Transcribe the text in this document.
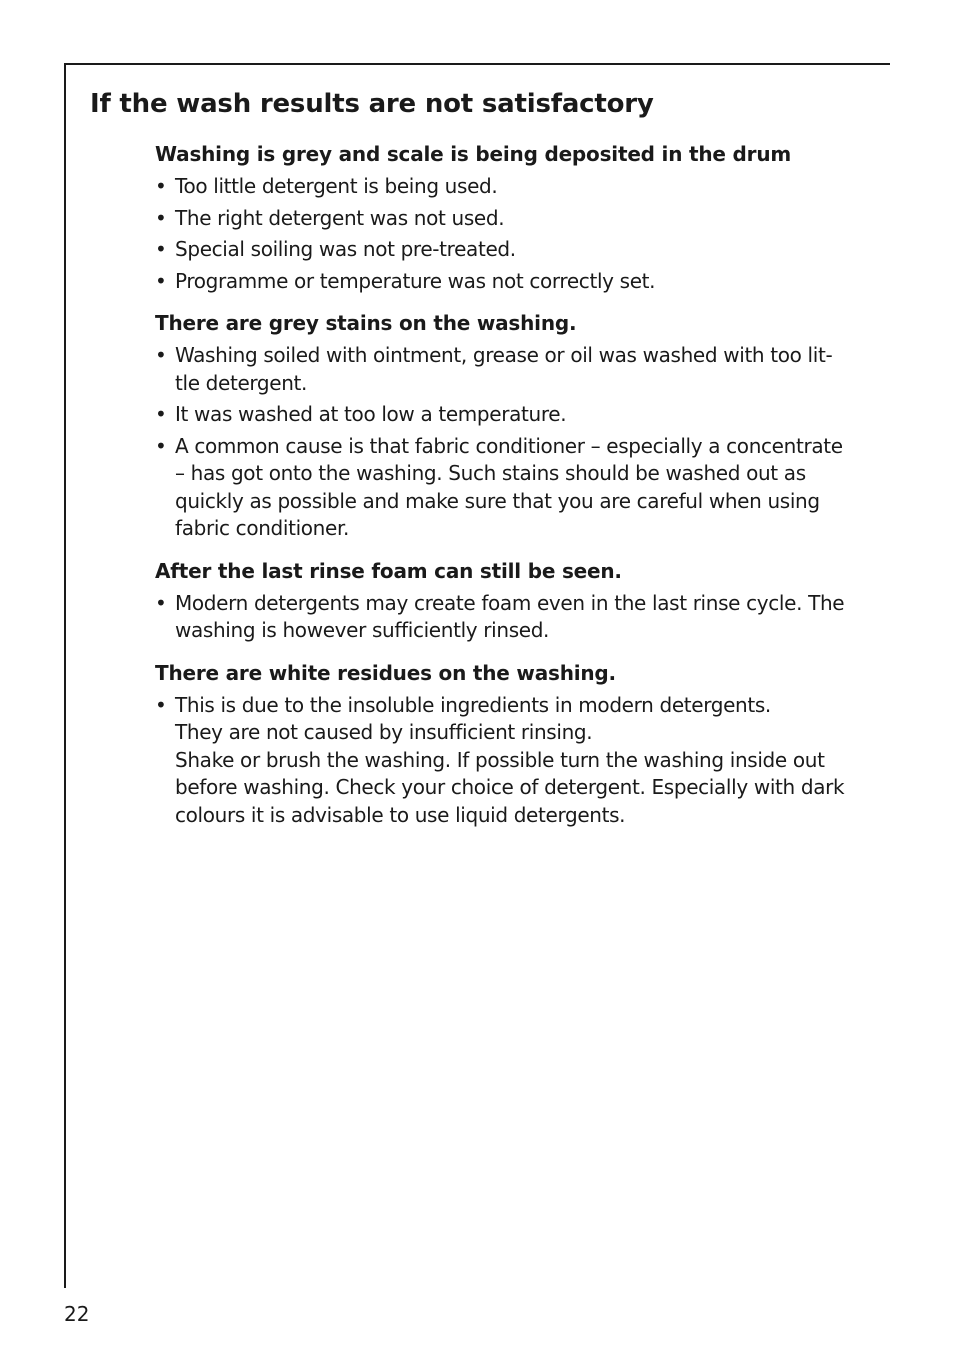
If the wash results are not satisfactory
Washing is grey and scale is being deposited in the drum
• Too little detergent is being used.
• The right detergent was not used.
• Special soiling was not pre-treated.
• Programme or temperature was not correctly set.
There are grey stains on the washing.
• Washing soiled with ointment, grease or oil was washed with too lit-
tle detergent.
• It was washed at too low a temperature.
• A common cause is that fabric conditioner – especially a concentrate
– has got onto the washing. Such stains should be washed out as
quickly as possible and make sure that you are careful when using
fabric conditioner.
After the last rinse foam can still be seen.
• Modern detergents may create foam even in the last rinse cycle. The
washing is however sufficiently rinsed.
There are white residues on the washing.
• This is due to the insoluble ingredients in modern detergents.
They are not caused by insufficient rinsing.
Shake or brush the washing. If possible turn the washing inside out
before washing. Check your choice of detergent. Especially with dark
colours it is advisable to use liquid detergents.
22
